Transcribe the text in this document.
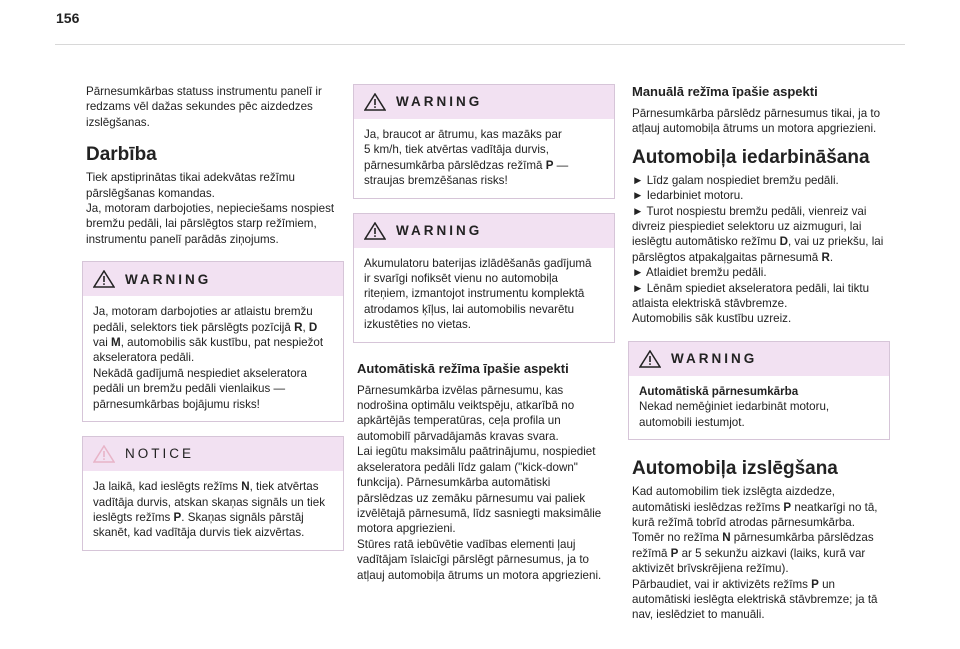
156

Pārnesumkārbas statuss instrumentu panelī ir
redzams vēl dažas sekundes pēc aizdedzes
izslēgšanas.

Darbība

Tiek apstiprinātas tikai adekvātas režīmu
pārslēgšanas komandas.
Ja, motoram darbojoties, nepieciešams nospiest
bremžu pedāli, lai pārslēgtos starp režīmiem,
instrumentu panelī parādās ziņojums.

WARNING
Ja, motoram darbojoties ar atlaistu bremžu
pedāli, selektors tiek pārslēgts pozīcijā R, D
vai M, automobilis sāk kustību, pat nespiežot
akseleratora pedāli.
Nekādā gadījumā nespiediet akseleratora
pedāli un bremžu pedāli vienlaikus —
pārnesumkārbas bojājumu risks!
NOTICE
Ja laikā, kad ieslēgts režīms N, tiek atvērtas
vadītāja durvis, atskan skaņas signāls un tiek
ieslēgts režīms P. Skaņas signāls pārstāj
skanēt, kad vadītāja durvis tiek aizvērtas.
WARNING
Ja, braucot ar ātrumu, kas mazāks par
5 km/h, tiek atvērtas vadītāja durvis,
pārnesumkārba pārslēdzas režīmā P —
straujas bremzēšanas risks!
WARNING
Akumulatoru baterijas izlādēšanās gadījumā
ir svarīgi nofiksēt vienu no automobiļa
riteņiem, izmantojot instrumentu komplektā
atrodamos ķīļus, lai automobilis nevarētu
izkustēties no vietas.
Automātiskā režīma īpašie aspekti

Pārnesumkārba izvēlas pārnesumu, kas
nodrošina optimālu veiktspēju, atkarībā no
apkārtējās temperatūras, ceļa profila un
automobilī pārvadājamās kravas svara.
Lai iegūtu maksimālu paātrinājumu, nospiediet
akseleratora pedāli līdz galam ("kick-down"
funkcija). Pārnesumkārba automātiski
pārslēdzas uz zemāku pārnesumu vai paliek
izvēlētajā pārnesumā, līdz sasniegti maksimālie
motora apgriezieni.
Stūres ratā iebūvētie vadības elementi ļauj
vadītājam īslaicīgi pārslēgt pārnesumus, ja to
atļauj automobiļa ātrums un motora apgriezieni.

Manuālā režīma īpašie aspekti

Pārnesumkārba pārslēdz pārnesumus tikai, ja to
atļauj automobiļa ātrums un motora apgriezieni.

Automobiļa iedarbināšana

► Līdz galam nospiediet bremžu pedāli.
► Iedarbiniet motoru.
► Turot nospiestu bremžu pedāli, vienreiz vai
divreiz piespiediet selektoru uz aizmuguri, lai
ieslēgtu automātisko režīmu D, vai uz priekšu, lai
pārslēgtos atpakaļgaitas pārnesumā R.
► Atlaidiet bremžu pedāli.
► Lēnām spiediet akseleratora pedāli, lai tiktu
atlaista elektriskā stāvbremze.
Automobilis sāk kustību uzreiz.

WARNING
Automātiskā pārnesumkārba
Nekad nemēģiniet iedarbināt motoru,
automobili iestumjot.
Automobiļa izslēgšana

Kad automobilim tiek izslēgta aizdedze,
automātiski ieslēdzas režīms P neatkarīgi no tā,
kurā režīmā tobrīd atrodas pārnesumkārba.
Tomēr no režīma N pārnesumkārba pārslēdzas
režīmā P ar 5 sekunžu aizkavi (laiks, kurā var
aktivizēt brīvskrējiena režīmu).
Pārbaudiet, vai ir aktivizēts režīms P un
automātiski ieslēgta elektriskā stāvbremze; ja tā
nav, ieslēdziet to manuāli.
